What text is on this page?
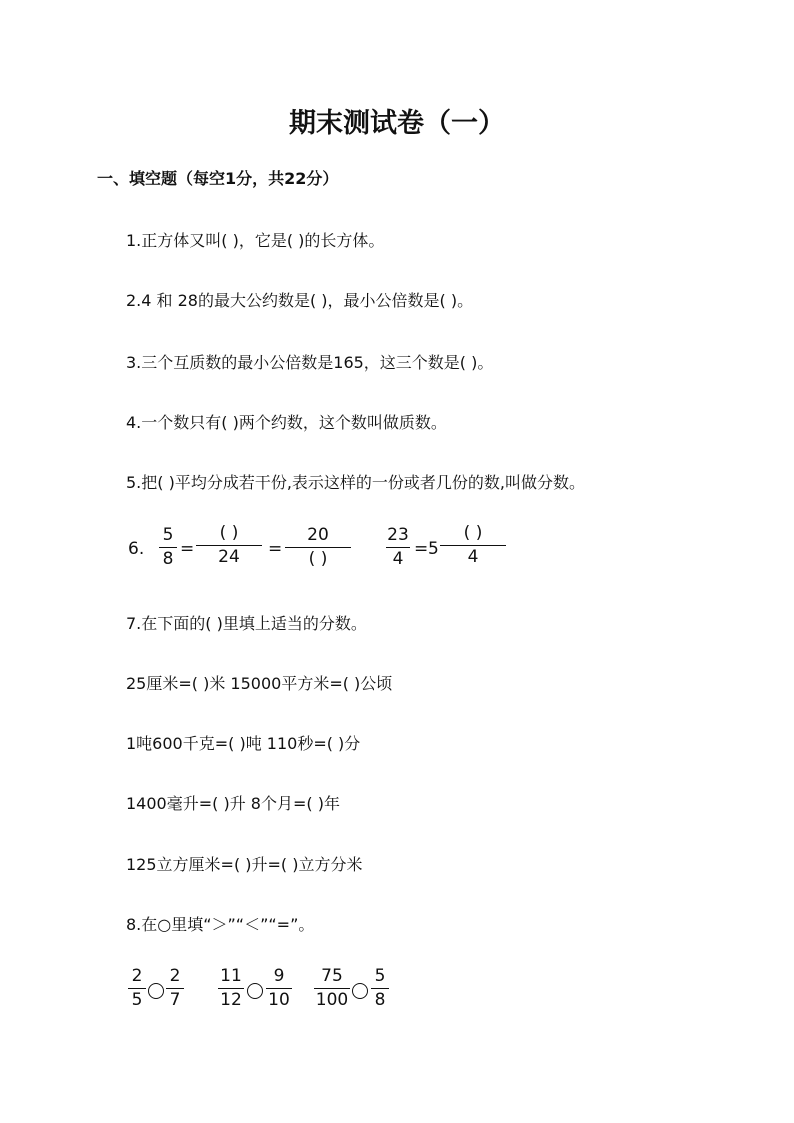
期末测试卷（一）
一、填空题（每空1分，共22分）
1.正方体又叫( )，它是( )的长方体。
2.4 和 28的最大公约数是( )，最小公倍数是( )。
3.三个互质数的最小公倍数是165，这三个数是( )。
4.一个数只有( )两个约数，这个数叫做质数。
5.把( )平均分成若干份,表示这样的一份或者几份的数,叫做分数。
6.
5
8 =
( )
24	=
20
( )
23
4 = 5
( )
4
7.在下面的( )里填上适当的分数。
25厘米=( )米 15000平方米=( )公顷
1吨600千克=( )吨 110秒=( )分
1400毫升=( )升 8个月=( )年
125立方厘米=( )升=( )立方分米
8.在○里填“＞”“＜”“=”。
2
5
2
7
11
12
9
10
75
100
5
8
